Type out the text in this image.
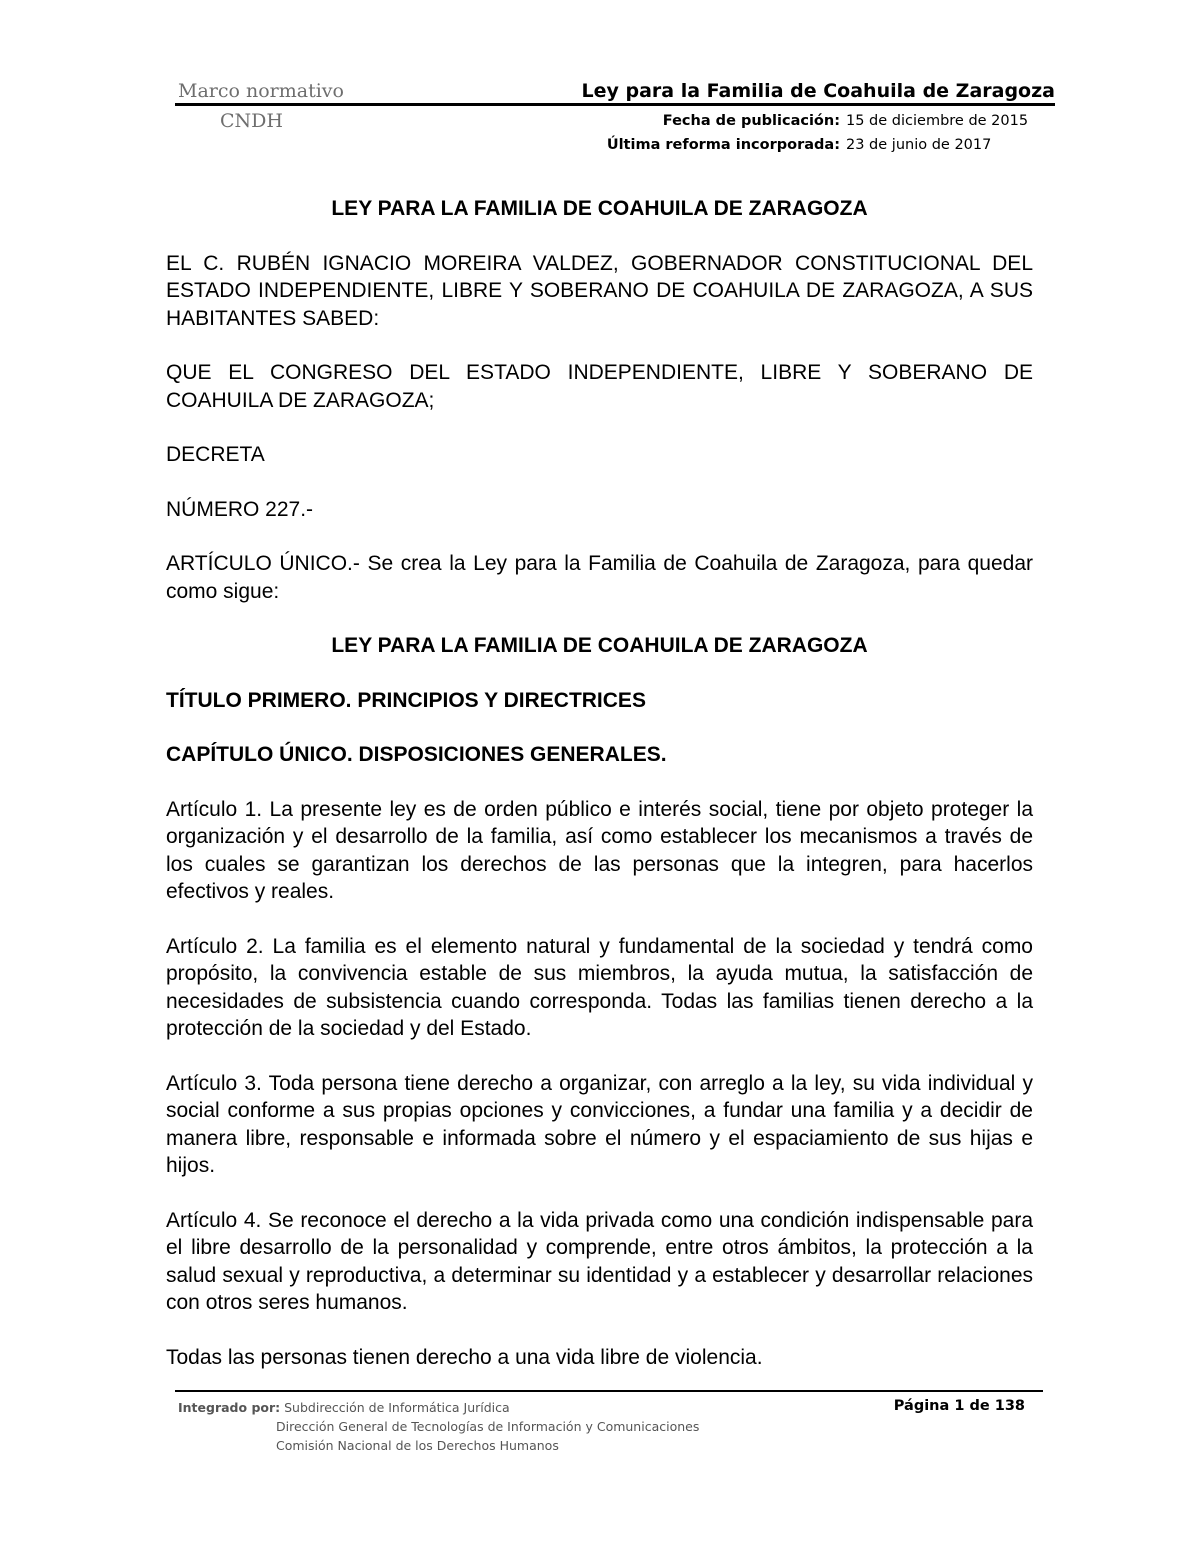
Marco normativo
CNDH
Ley para la Familia de Coahuila de Zaragoza
Fecha de publicación: 15 de diciembre de 2015
Última reforma incorporada: 23 de junio de 2017

LEY PARA LA FAMILIA DE COAHUILA DE ZARAGOZA

EL C. RUBÉN IGNACIO MOREIRA VALDEZ, GOBERNADOR CONSTITUCIONAL DEL ESTADO INDEPENDIENTE, LIBRE Y SOBERANO DE COAHUILA DE ZARAGOZA, A SUS HABITANTES SABED:

QUE EL CONGRESO DEL ESTADO INDEPENDIENTE, LIBRE Y SOBERANO DE COAHUILA DE ZARAGOZA;

DECRETA

NÚMERO 227.-

ARTÍCULO ÚNICO.- Se crea la Ley para la Familia de Coahuila de Zaragoza, para quedar como sigue:

LEY PARA LA FAMILIA DE COAHUILA DE ZARAGOZA

TÍTULO PRIMERO. PRINCIPIOS Y DIRECTRICES

CAPÍTULO ÚNICO. DISPOSICIONES GENERALES.

Artículo 1. La presente ley es de orden público e interés social, tiene por objeto proteger la organización y el desarrollo de la familia, así como establecer los mecanismos a través de los cuales se garantizan los derechos de las personas que la integren, para hacerlos efectivos y reales.

Artículo 2. La familia es el elemento natural y fundamental de la sociedad y tendrá como propósito, la convivencia estable de sus miembros, la ayuda mutua, la satisfacción de necesidades de subsistencia cuando corresponda. Todas las familias tienen derecho a la protección de la sociedad y del Estado.

Artículo 3. Toda persona tiene derecho a organizar, con arreglo a la ley, su vida individual y social conforme a sus propias opciones y convicciones, a fundar una familia y a decidir de manera libre, responsable e informada sobre el número y el espaciamiento de sus hijas e hijos.

Artículo 4. Se reconoce el derecho a la vida privada como una condición indispensable para el libre desarrollo de la personalidad y comprende, entre otros ámbitos, la protección a la salud sexual y reproductiva, a determinar su identidad y a establecer y desarrollar relaciones con otros seres humanos.

Todas las personas tienen derecho a una vida libre de violencia.

Integrado por: Subdirección de Informática Jurídica
Dirección General de Tecnologías de Información y Comunicaciones
Comisión Nacional de los Derechos Humanos
Página 1 de 138
